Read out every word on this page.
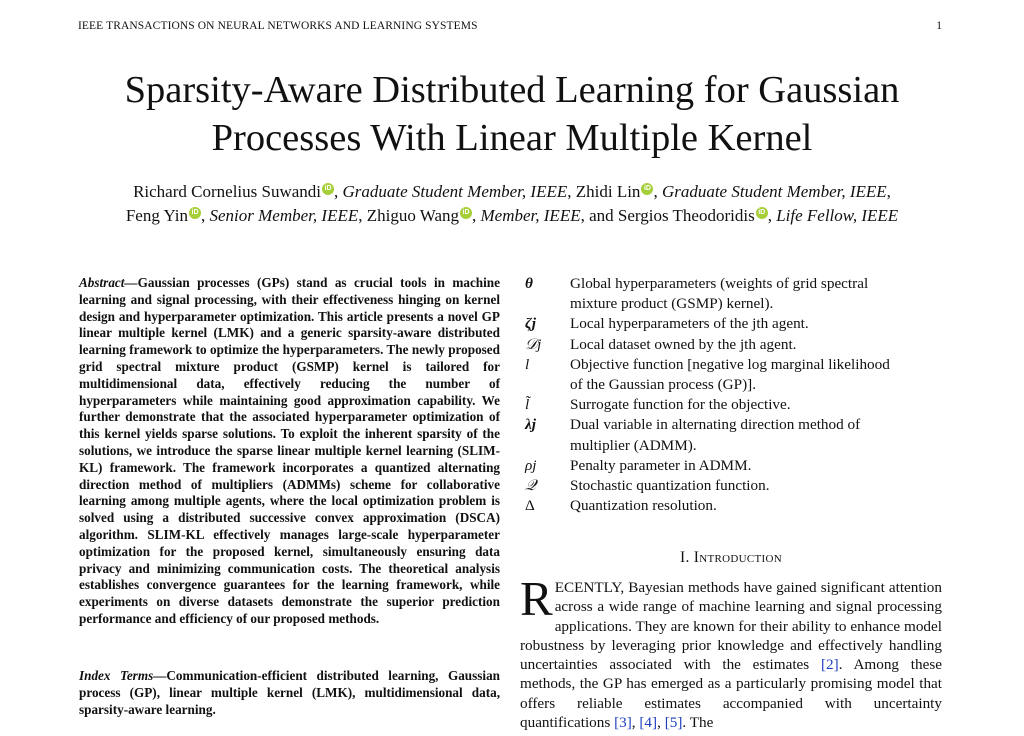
IEEE TRANSACTIONS ON NEURAL NETWORKS AND LEARNING SYSTEMS	1
Sparsity-Aware Distributed Learning for Gaussian
Processes With Linear Multiple Kernel
Richard Cornelius Suwandi iD , Graduate Student Member, IEEE, Zhidi Lin iD , Graduate Student Member, IEEE,
Feng Yin iD , Senior Member, IEEE, Zhiguo Wang iD , Member, IEEE, and Sergios Theodoridis iD , Life Fellow, IEEE
Abstract—Gaussian processes (GPs) stand as crucial tools in machine learning and signal processing, with their effectiveness hinging on kernel design and hyperparameter optimization. This article presents a novel GP linear multiple kernel (LMK) and a generic sparsity-aware distributed learning framework to optimize the hyperparameters. The newly proposed grid spectral mixture product (GSMP) kernel is tailored for multidimensional data, effectively reducing the number of hyperparameters while maintaining good approximation capability. We further demonstrate that the associated hyperparameter optimization of this kernel yields sparse solutions. To exploit the inherent sparsity of the solutions, we introduce the sparse linear multiple kernel learning (SLIM-KL) framework. The framework incorporates a quantized alternating direction method of multipliers (ADMMs) scheme for collaborative learning among multiple agents, where the local optimization problem is solved using a distributed successive convex approximation (DSCA) algorithm. SLIM-KL effectively manages large-scale hyperparameter optimization for the proposed kernel, simultaneously ensuring data privacy and minimizing communication costs. The theoretical analysis establishes convergence guarantees for the learning framework, while experiments on diverse datasets demonstrate the superior prediction performance and efficiency of our proposed methods.
Index Terms—Communication-efficient distributed learning, Gaussian process (GP), linear multiple kernel (LMK), multidimensional data, sparsity-aware learning.
θ	Global hyperparameters (weights of grid spectral mixture product (GSMP) kernel).
ζj	Local hyperparameters of the jth agent.
𝒟j	Local dataset owned by the jth agent.
l	Objective function [negative log marginal likelihood of the Gaussian process (GP)].
l̃	Surrogate function for the objective.
λj	Dual variable in alternating direction method of multiplier (ADMM).
ρj	Penalty parameter in ADMM.
𝒬	Stochastic quantization function.
Δ	Quantization resolution.
I. Introduction
RECENTLY, Bayesian methods have gained significant attention across a wide range of machine learning and signal processing applications. They are known for their ability to enhance model robustness by leveraging prior knowledge and effectively handling uncertainties associated with the estimates [2]. Among these methods, the GP has emerged as a particularly promising model that offers reliable estimates accompanied with uncertainty quantifications [3], [4], [5]. The
